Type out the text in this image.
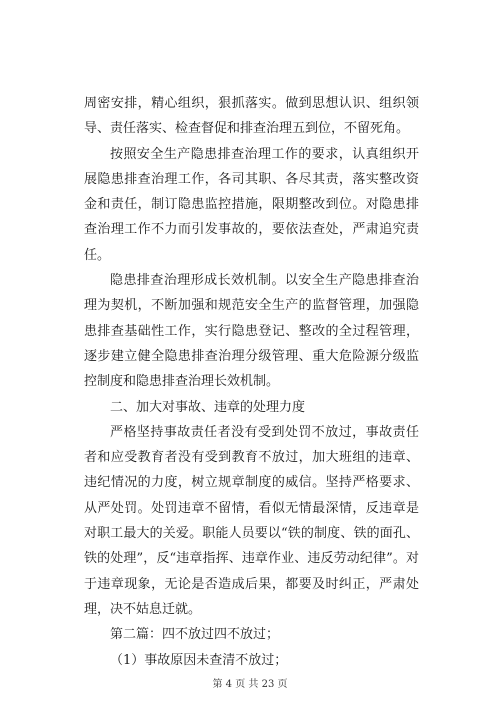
周密安排，精心组织，狠抓落实。做到思想认识、组织领导、责任落实、检查督促和排查治理五到位，不留死角。

按照安全生产隐患排查治理工作的要求，认真组织开展隐患排查治理工作，各司其职、各尽其责，落实整改资金和责任，制订隐患监控措施，限期整改到位。对隐患排查治理工作不力而引发事故的，要依法查处，严肃追究责任。

隐患排查治理形成长效机制。以安全生产隐患排查治理为契机，不断加强和规范安全生产的监督管理，加强隐患排查基础性工作，实行隐患登记、整改的全过程管理，逐步建立健全隐患排查治理分级管理、重大危险源分级监控制度和隐患排查治理长效机制。

二、加大对事故、违章的处理力度

严格坚持事故责任者没有受到处罚不放过，事故责任者和应受教育者没有受到教育不放过，加大班组的违章、违纪情况的力度，树立规章制度的威信。坚持严格要求、从严处罚。处罚违章不留情，看似无情最深情，反违章是对职工最大的关爱。职能人员要以“铁的制度、铁的面孔、铁的处理”，反“违章指挥、违章作业、违反劳动纪律”。对于违章现象，无论是否造成后果，都要及时纠正，严肃处理，决不姑息迁就。

第二篇：四不放过四不放过；

（1）事故原因未查清不放过；

第 4 页 共 23 页
